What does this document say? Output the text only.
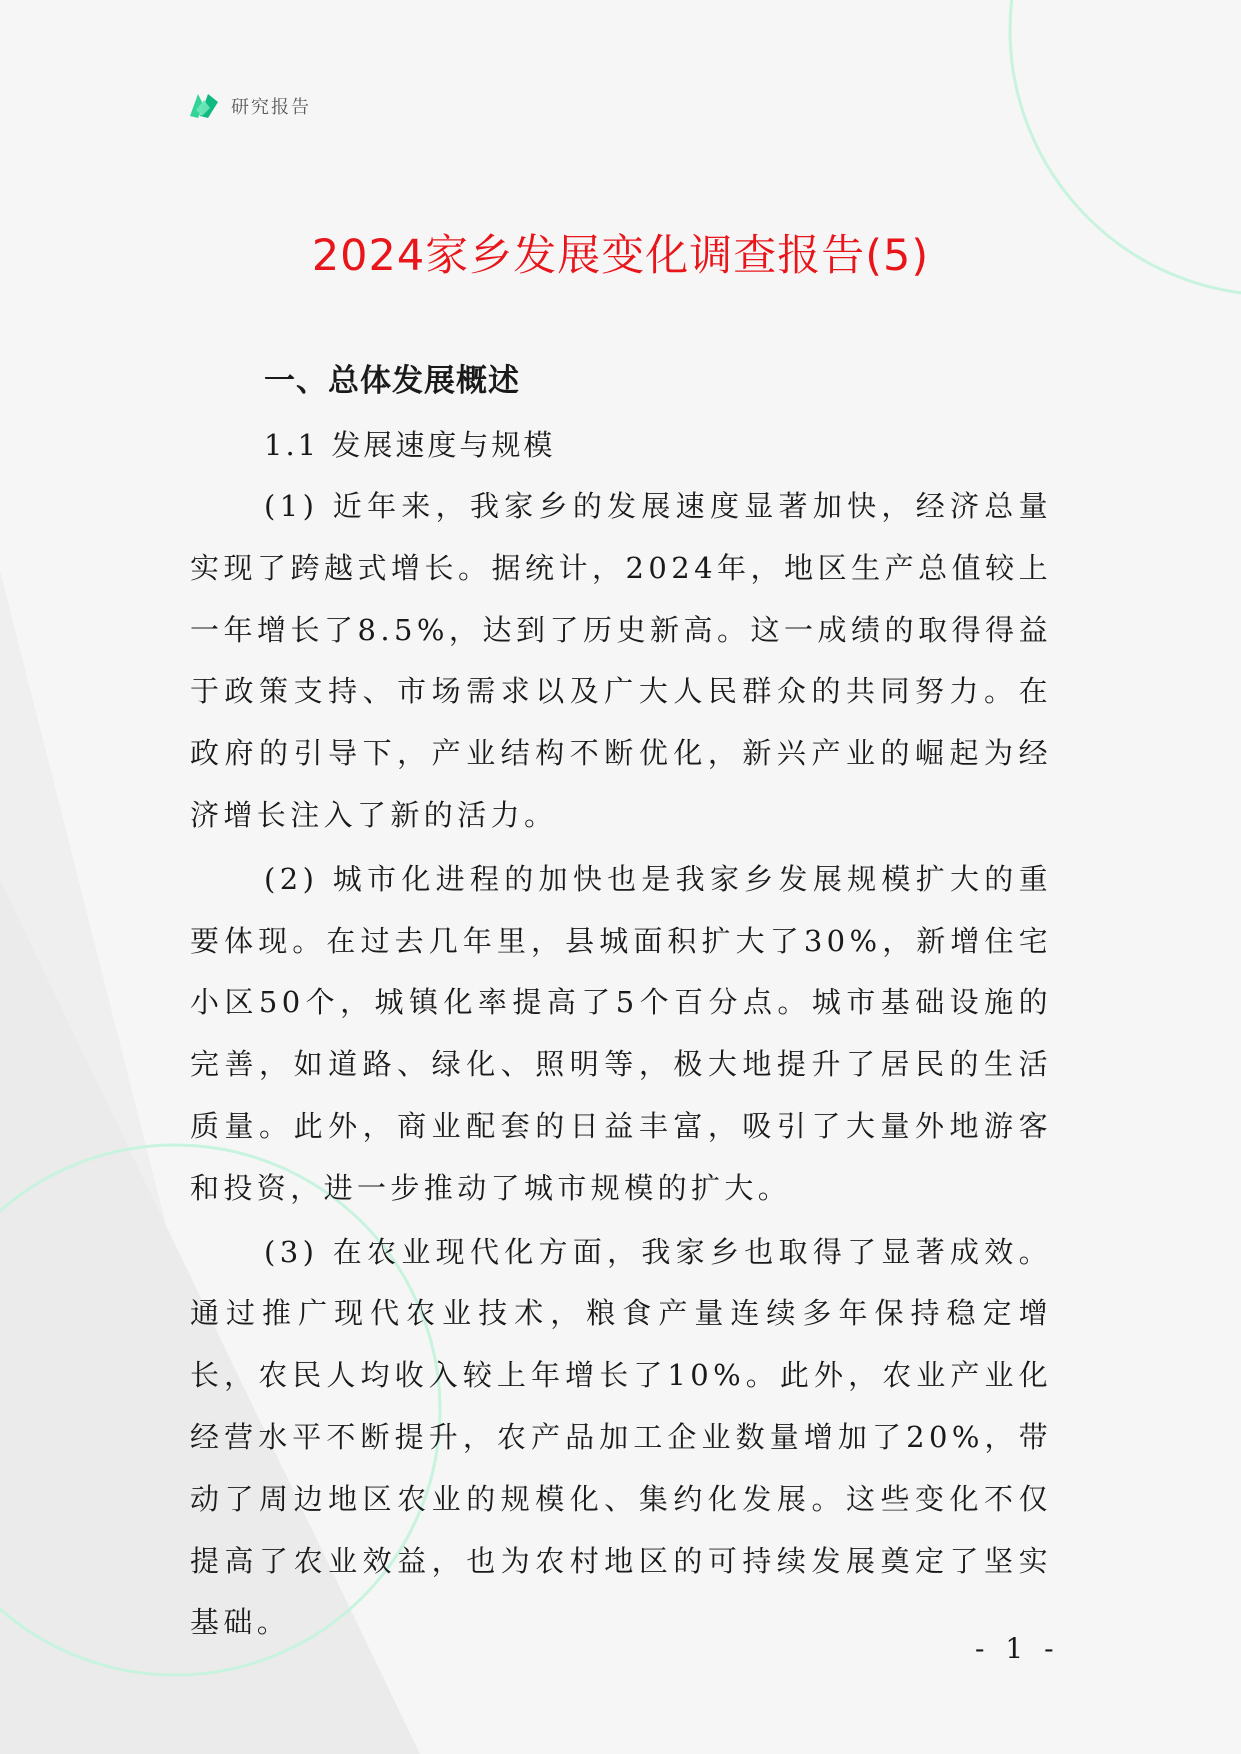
研究报告
2024家乡发展变化调查报告(5)
一、总体发展概述
1.1 发展速度与规模

(1) 近年来，我家乡的发展速度显著加快，经济总量实现了跨越式增长。据统计，2024年，地区生产总值较上一年增长了8.5%，达到了历史新高。这一成绩的取得得益于政策支持、市场需求以及广大人民群众的共同努力。在政府的引导下，产业结构不断优化，新兴产业的崛起为经济增长注入了新的活力。

(2) 城市化进程的加快也是我家乡发展规模扩大的重要体现。在过去几年里，县城面积扩大了30%，新增住宅小区50个，城镇化率提高了5个百分点。城市基础设施的完善，如道路、绿化、照明等，极大地提升了居民的生活质量。此外，商业配套的日益丰富，吸引了大量外地游客和投资，进一步推动了城市规模的扩大。

(3) 在农业现代化方面，我家乡也取得了显著成效。通过推广现代农业技术，粮食产量连续多年保持稳定增长，农民人均收入较上年增长了10%。此外，农业产业化经营水平不断提升，农产品加工企业数量增加了20%，带动了周边地区农业的规模化、集约化发展。这些变化不仅提高了农业效益，也为农村地区的可持续发展奠定了坚实基础。

- 1 -
